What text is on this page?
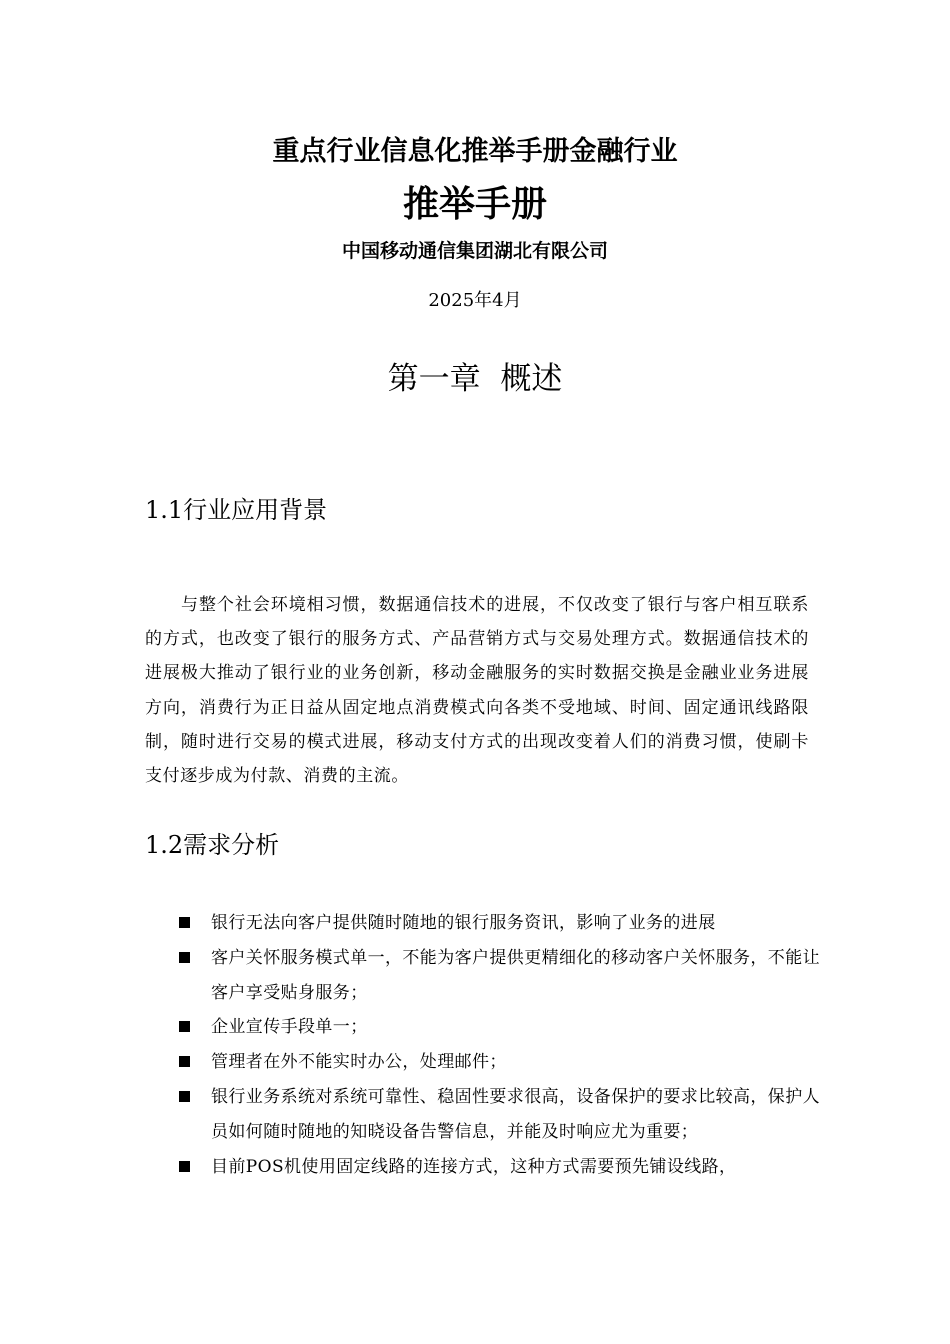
重点行业信息化推举手册金融行业
推举手册
中国移动通信集团湖北有限公司
2025年4月
第一章  概述
1.1行业应用背景

与整个社会环境相习惯，数据通信技术的进展，不仅改变了银行与客户相互联系的方式，也改变了银行的服务方式、产品营销方式与交易处理方式。数据通信技术的进展极大推动了银行业的业务创新，移动金融服务的实时数据交换是金融业业务进展方向，消费行为正日益从固定地点消费模式向各类不受地域、时间、固定通讯线路限制，随时进行交易的模式进展，移动支付方式的出现改变着人们的消费习惯，使刷卡支付逐步成为付款、消费的主流。

1.2需求分析
银行无法向客户提供随时随地的银行服务资讯，影响了业务的进展
客户关怀服务模式单一，不能为客户提供更精细化的移动客户关怀服务，不能让客户享受贴身服务；
企业宣传手段单一；
管理者在外不能实时办公，处理邮件；
银行业务系统对系统可靠性、稳固性要求很高，设备保护的要求比较高，保护人员如何随时随地的知晓设备告警信息，并能及时响应尤为重要；
目前POS机使用固定线路的连接方式，这种方式需要预先铺设线路，
